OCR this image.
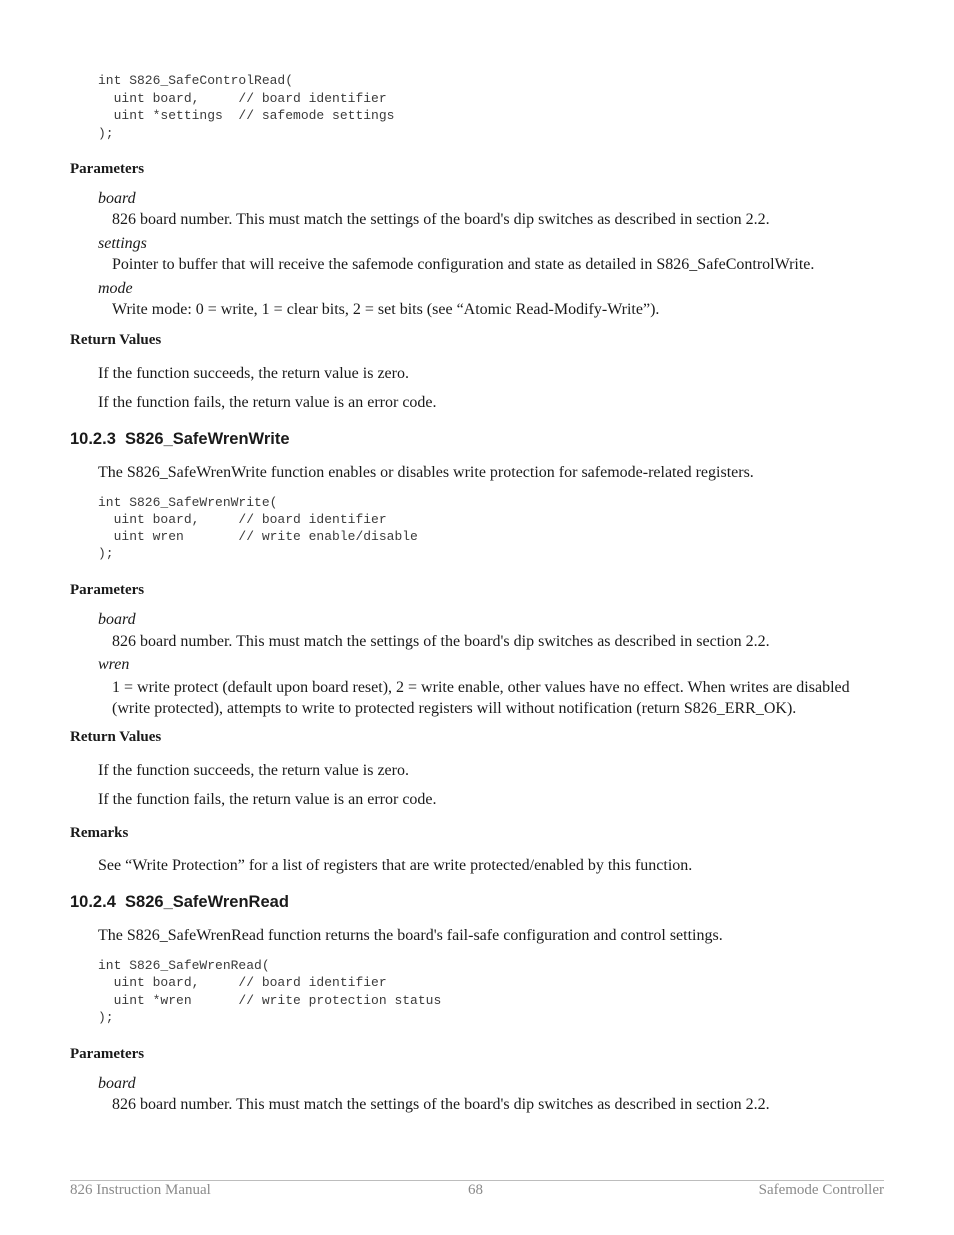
int S826_SafeControlRead(
uint board,     // board identifier
uint *settings  // safemode settings
);
Parameters
board
826 board number. This must match the settings of the board's dip switches as described in section 2.2.
settings
Pointer to buffer that will receive the safemode configuration and state as detailed in S826_SafeControlWrite.
mode
Write mode: 0 = write, 1 = clear bits, 2 = set bits (see “Atomic Read-Modify-Write”).
Return Values
If the function succeeds, the return value is zero.
If the function fails, the return value is an error code.
10.2.3  S826_SafeWrenWrite
The S826_SafeWrenWrite function enables or disables write protection for safemode-related registers.
int S826_SafeWrenWrite(
uint board,     // board identifier
uint wren       // write enable/disable
);
Parameters
board
826 board number. This must match the settings of the board's dip switches as described in section 2.2.
wren
1 = write protect (default upon board reset), 2 = write enable, other values have no effect. When writes are disabled (write protected), attempts to write to protected registers will without notification (return S826_ERR_OK).
Return Values
If the function succeeds, the return value is zero.
If the function fails, the return value is an error code.
Remarks
See “Write Protection” for a list of registers that are write protected/enabled by this function.
10.2.4  S826_SafeWrenRead
The S826_SafeWrenRead function returns the board's fail-safe configuration and control settings.
int S826_SafeWrenRead(
uint board,     // board identifier
uint *wren      // write protection status
);
Parameters
board
826 board number. This must match the settings of the board's dip switches as described in section 2.2.
826 Instruction Manual	68	Safemode Controller
